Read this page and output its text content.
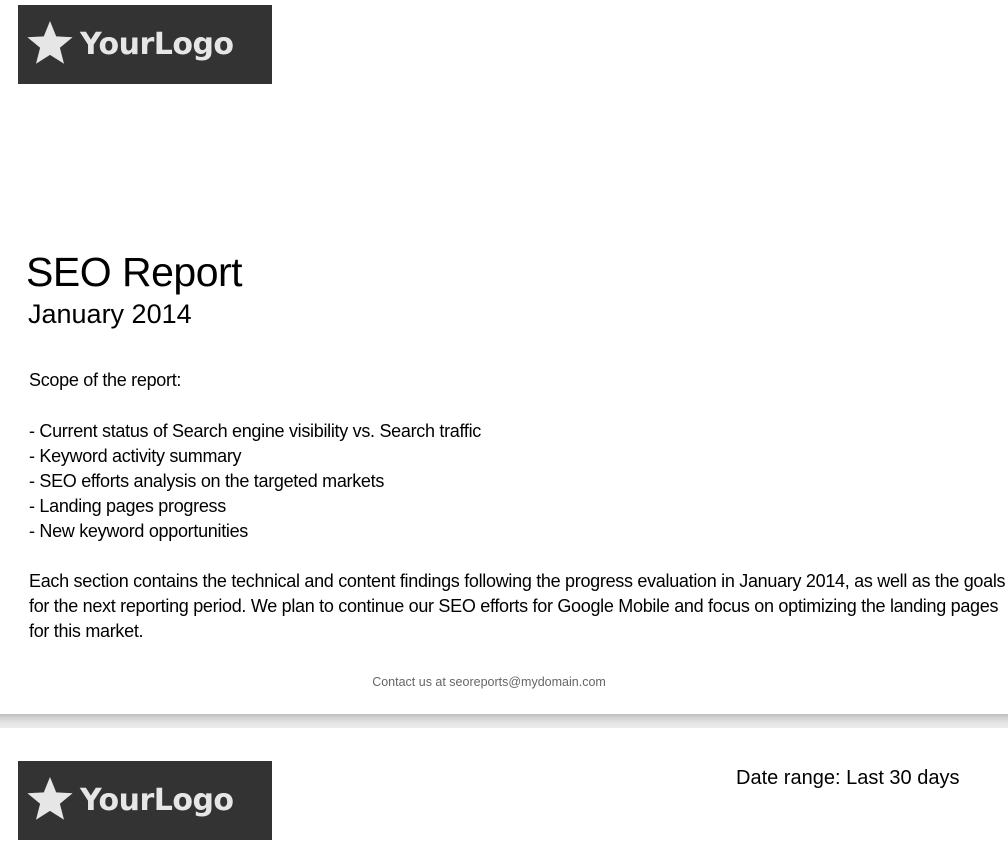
YourLogo
SEO Report
January 2014
Scope of the report:
- Current status of Search engine visibility vs. Search traffic
- Keyword activity summary
- SEO efforts analysis on the targeted markets
- Landing pages progress
- New keyword opportunities

Each section contains the technical and content findings following the progress evaluation in January 2014, as well as the goals for the next reporting period. We plan to continue our SEO efforts for Google Mobile and focus on optimizing the landing pages for this market.

Contact us at seoreports@mydomain.com
YourLogo
Date range: Last 30 days
